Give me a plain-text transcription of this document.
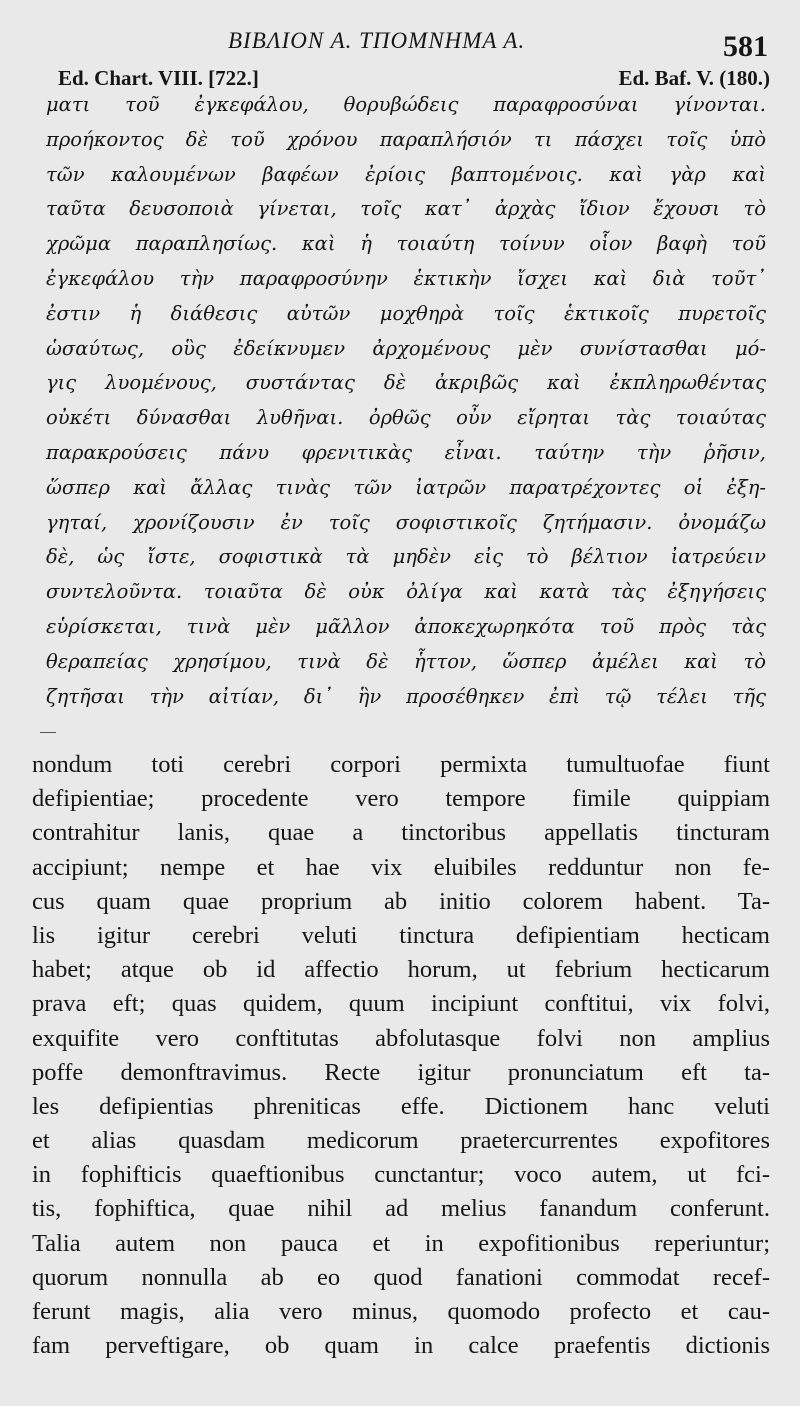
ΒΙΒΛΙΟΝ Α. ΤΠΟΜΝΗΜΑ Α.	581
Ed. Chart. VIII. [722.]	Ed. Baf. V. (180.)
ματι τοῦ ἐγκεφάλου, θορυβώδεις παραφροσύναι γίνονται.
προήκοντος δὲ τοῦ χρόνου παραπλήσιόν τι πάσχει τοῖς ὑπὸ
τῶν καλουμένων βαφέων ἐρίοις βαπτομένοις. καὶ γὰρ καὶ
ταῦτα δευσοποιὰ γίνεται, τοῖς κατ᾽ ἀρχὰς ἴδιον ἔχουσι τὸ
χρῶμα παραπλησίως. καὶ ἡ τοιαύτη τοίνυν οἷον βαφὴ τοῦ
ἐγκεφάλου τὴν παραφροσύνην ἑκτικὴν ἴσχει καὶ διὰ τοῦτ᾽
ἐστιν ἡ διάθεσις αὐτῶν μοχθηρὰ τοῖς ἑκτικοῖς πυρετοῖς
ὡσαύτως, οὓς ἐδείκνυμεν ἀρχομένους μὲν συνίστασθαι μό-
γις λυομένους, συστάντας δὲ ἀκριβῶς καὶ ἐκπληρωθέντας
οὐκέτι δύνασθαι λυθῆναι. ὀρθῶς οὖν εἴρηται τὰς τοιαύτας
παρακρούσεις πάνυ φρενιτικὰς εἶναι. ταύτην τὴν ῥῆσιν,
ὥσπερ καὶ ἄλλας τινὰς τῶν ἰατρῶν παρατρέχοντες οἱ ἐξη-
γηταί, χρονίζουσιν ἐν τοῖς σοφιστικοῖς ζητήμασιν. ὀνομάζω
δὲ, ὡς ἴστε, σοφιστικὰ τὰ μηδὲν εἰς τὸ βέλτιον ἰατρεύειν
συντελοῦντα. τοιαῦτα δὲ οὐκ ὀλίγα καὶ κατὰ τὰς ἐξηγήσεις
εὑρίσκεται, τινὰ μὲν μᾶλλον ἀποκεχωρηκότα τοῦ πρὸς τὰς
θεραπείας χρησίμου, τινὰ δὲ ἧττον, ὥσπερ ἀμέλει καὶ τὸ
ζητῆσαι τὴν αἰτίαν, δι᾽ ἣν προσέθηκεν ἐπὶ τῷ τέλει τῆς
nondum toti cerebri corpori permixta tumultuofae fiunt
defipientiae; procedente vero tempore fimile quippiam
contrahitur lanis, quae a tinctoribus appellatis tincturam
accipiunt; nempe et hae vix eluibiles redduntur non fe-
cus quam quae proprium ab initio colorem habent. Ta-
lis igitur cerebri veluti tinctura defipientiam hecticam
habet; atque ob id affectio horum, ut febrium hecticarum
prava eft; quas quidem, quum incipiunt conftitui, vix folvi,
exquifite vero conftitutas abfolutasque folvi non amplius
poffe demonftravimus. Recte igitur pronunciatum eft ta-
les defipientias phreniticas effe. Dictionem hanc veluti
et alias quasdam medicorum praetercurrentes expofitores
in fophifticis quaeftionibus cunctantur; voco autem, ut fci-
tis, fophiftica, quae nihil ad melius fanandum conferunt.
Talia autem non pauca et in expofitionibus reperiuntur;
quorum nonnulla ab eo quod fanationi commodat recef-
ferunt magis, alia vero minus, quomodo profecto et cau-
fam perveftigare, ob quam in calce praefentis dictionis
